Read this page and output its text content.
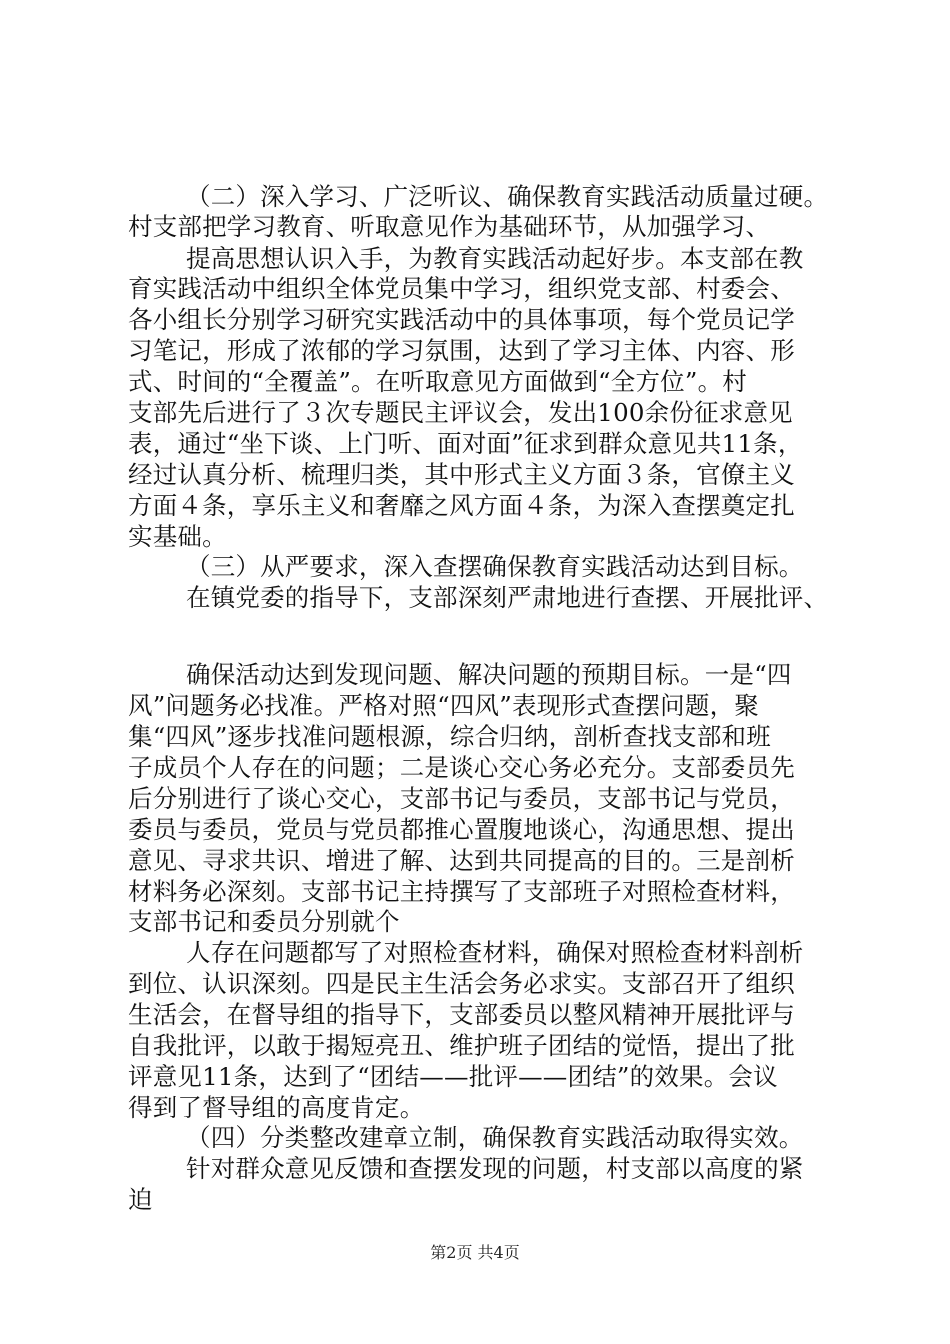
（二）深入学习、广泛听议、确保教育实践活动质量过硬。
村支部把学习教育、听取意见作为基础环节，从加强学习、
提高思想认识入手，为教育实践活动起好步。本支部在教
育实践活动中组织全体党员集中学习，组织党支部、村委会、
各小组长分别学习研究实践活动中的具体事项，每个党员记学
习笔记，形成了浓郁的学习氛围，达到了学习主体、内容、形
式、时间的“全覆盖”。在听取意见方面做到“全方位”。村
支部先后进行了３次专题民主评议会，发出100余份征求意见
表，通过“坐下谈、上门听、面对面”征求到群众意见共11条，
经过认真分析、梳理归类，其中形式主义方面３条，官僚主义
方面４条，享乐主义和奢靡之风方面４条，为深入查摆奠定扎
实基础。
（三）从严要求，深入查摆确保教育实践活动达到目标。
在镇党委的指导下，支部深刻严肃地进行查摆、开展批评、
确保活动达到发现问题、解决问题的预期目标。一是“四
风”问题务必找准。严格对照“四风”表现形式查摆问题，聚
集“四风”逐步找准问题根源，综合归纳，剖析查找支部和班
子成员个人存在的问题；二是谈心交心务必充分。支部委员先
后分别进行了谈心交心，支部书记与委员，支部书记与党员，
委员与委员，党员与党员都推心置腹地谈心，沟通思想、提出
意见、寻求共识、增进了解、达到共同提高的目的。三是剖析
材料务必深刻。支部书记主持撰写了支部班子对照检查材料，
支部书记和委员分别就个
人存在问题都写了对照检查材料，确保对照检查材料剖析
到位、认识深刻。四是民主生活会务必求实。支部召开了组织
生活会，在督导组的指导下，支部委员以整风精神开展批评与
自我批评，以敢于揭短亮丑、维护班子团结的觉悟，提出了批
评意见11条，达到了“团结——批评——团结”的效果。会议
得到了督导组的高度肯定。
（四）分类整改建章立制，确保教育实践活动取得实效。
针对群众意见反馈和查摆发现的问题，村支部以高度的紧
迫
第2页 共4页
